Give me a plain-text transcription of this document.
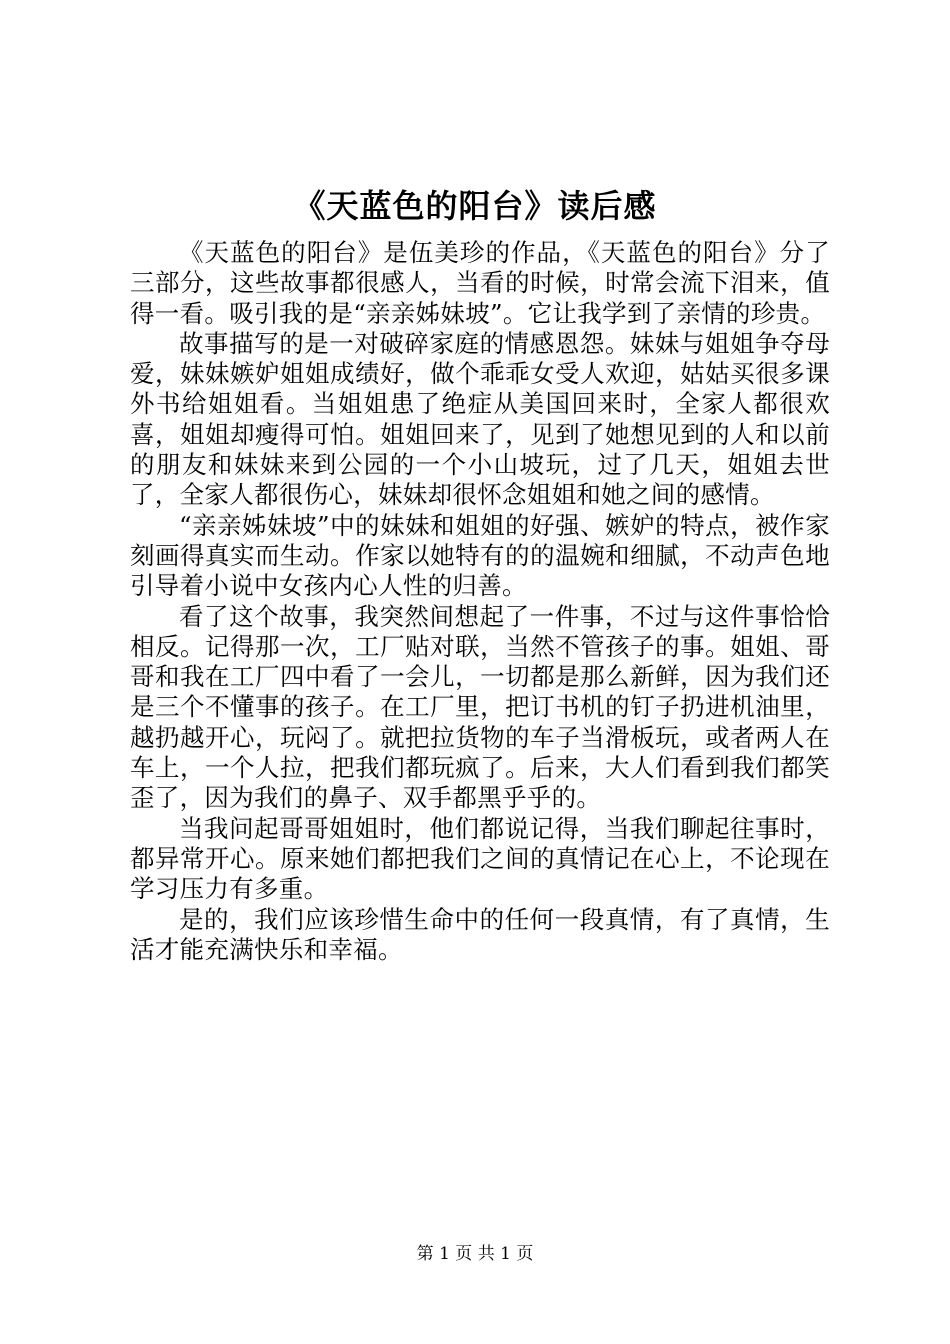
《天蓝色的阳台》读后感

《天蓝色的阳台》是伍美珍的作品，《天蓝色的阳台》分了三部分，这些故事都很感人，当看的时候，时常会流下泪来，值得一看。吸引我的是“亲亲姊妹坡”。它让我学到了亲情的珍贵。

故事描写的是一对破碎家庭的情感恩怨。妹妹与姐姐争夺母爱，妹妹嫉妒姐姐成绩好，做个乖乖女受人欢迎，姑姑买很多课外书给姐姐看。当姐姐患了绝症从美国回来时，全家人都很欢喜，姐姐却瘦得可怕。姐姐回来了，见到了她想见到的人和以前的朋友和妹妹来到公园的一个小山坡玩，过了几天，姐姐去世了，全家人都很伤心，妹妹却很怀念姐姐和她之间的感情。

“亲亲姊妹坡”中的妹妹和姐姐的好强、嫉妒的特点，被作家刻画得真实而生动。作家以她特有的的温婉和细腻，不动声色地引导着小说中女孩内心人性的归善。

看了这个故事，我突然间想起了一件事，不过与这件事恰恰相反。记得那一次，工厂贴对联，当然不管孩子的事。姐姐、哥哥和我在工厂四中看了一会儿，一切都是那么新鲜，因为我们还是三个不懂事的孩子。在工厂里，把订书机的钉子扔进机油里，越扔越开心，玩闷了。就把拉货物的车子当滑板玩，或者两人在车上，一个人拉，把我们都玩疯了。后来，大人们看到我们都笑歪了，因为我们的鼻子、双手都黑乎乎的。

当我问起哥哥姐姐时，他们都说记得，当我们聊起往事时，都异常开心。原来她们都把我们之间的真情记在心上，不论现在学习压力有多重。

是的，我们应该珍惜生命中的任何一段真情，有了真情，生活才能充满快乐和幸福。

第 1 页 共 1 页
